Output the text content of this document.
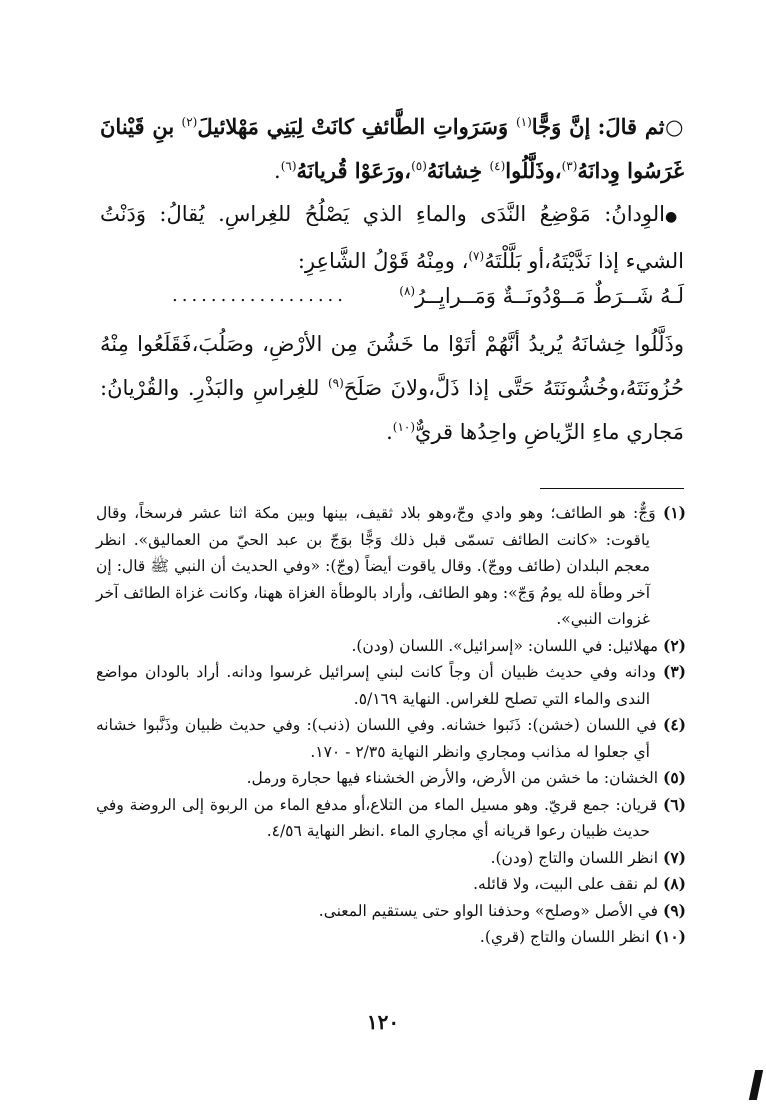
○ثم قالَ: إنَّ وَجًّا$^{(١)}$ وَسَرَواتِ الطَّائفِ كانَتْ لِبَنِي مَهْلائيلَ$^{(٢)}$ بنِ قَيْنانَ غَرَسُوا وِدانَهُ$^{(٣)}$،وذَلَّلُوا$^{(٤)}$ خِشانَهُ$^{(٥)}$،ورَعَوْا قُريانَهُ$^{(٦)}$.
●الوِدانُ: مَوْضِعُ النَّدَى والماءِ الذي يَصْلُحُ للغِراسِ. يُقالُ: وَدَنْتُ الشيء إذا نَدَّيْتَهُ،أو بَلَّلْتَهُ$^{(٧)}$، ومِنْهُ قَوْلُ الشَّاعِرِ:
لَـهُ شَــرَطٌ مَــوْدُونَــةٌ وَمَــرايِــرُ$^{(٨)}$
..................
وذَلَّلُوا خِشانَهُ يُريدُ أنَّهُمْ أتَوْا ما خَشُنَ مِن الأرْضِ، وصَلُبَ،فَقَلَعُوا مِنْهُ حُزُونَتَهُ،وخُشُونَتَهُ حَتَّى إذا ذَلَّ،ولانَ صَلَحَ$^{(٩)}$ للغِراسِ والبَذْرِ. والقُرْيانُ: مَجاري ماءِ الرِّياضِ واحِدُها قريٌّ$^{(١٠)}$.

(١) وَجٌّ: هو الطائف؛ وهو وادي وجّ،وهو بلاد ثقيف، بينها وبين مكة اثنا عشر فرسخاً، وقال ياقوت: «كانت الطائف تسمّى قبل ذلك وَجًّا بوَجّ بن عبد الحيّ من العماليق». انظر معجم البلدان (طائف ووجّ). وقال ياقوت أيضاً (وجّ): «وفي الحديث أن النبي ﷺ قال: إن آخر وطأة لله يومُ وَجّ»: وهو الطائف، وأراد بالوطأة الغزاة ههنا، وكانت غزاة الطائف آخر غزوات النبي».

(٢) مهلائيل: في اللسان: «إسرائيل». اللسان (ودن).

(٣) ودانه وفي حديث ظبيان أن وجاً كانت لبني إسرائيل غرسوا ودانه. أراد بالودان مواضع الندى والماء التي تصلح للغراس. النهاية ٥/١٦٩.

(٤) في اللسان (خشن): ذَنَبوا خشانه. وفي اللسان (ذنب): وفي حديث ظبيان وذَنَّبوا خشانه أي جعلوا له مذانب ومجاري وانظر النهاية ٢/٣٥ - ١٧٠.

(٥) الخشان: ما خشن من الأرض، والأرض الخشناء فيها حجارة ورمل.

(٦) قريان: جمع قريّ. وهو مسيل الماء من التلاع،أو مدفع الماء من الربوة إلى الروضة وفي حديث ظبيان رعوا قريانه أي مجاري الماء .انظر النهاية ٤/٥٦.

(٧) انظر اللسان والتاج (ودن).

(٨) لم نقف على البيت، ولا قائله.

(٩) في الأصل «وصلح» وحذفنا الواو حتى يستقيم المعنى.

(١٠) انظر اللسان والتاج (قري).

١٢٠
